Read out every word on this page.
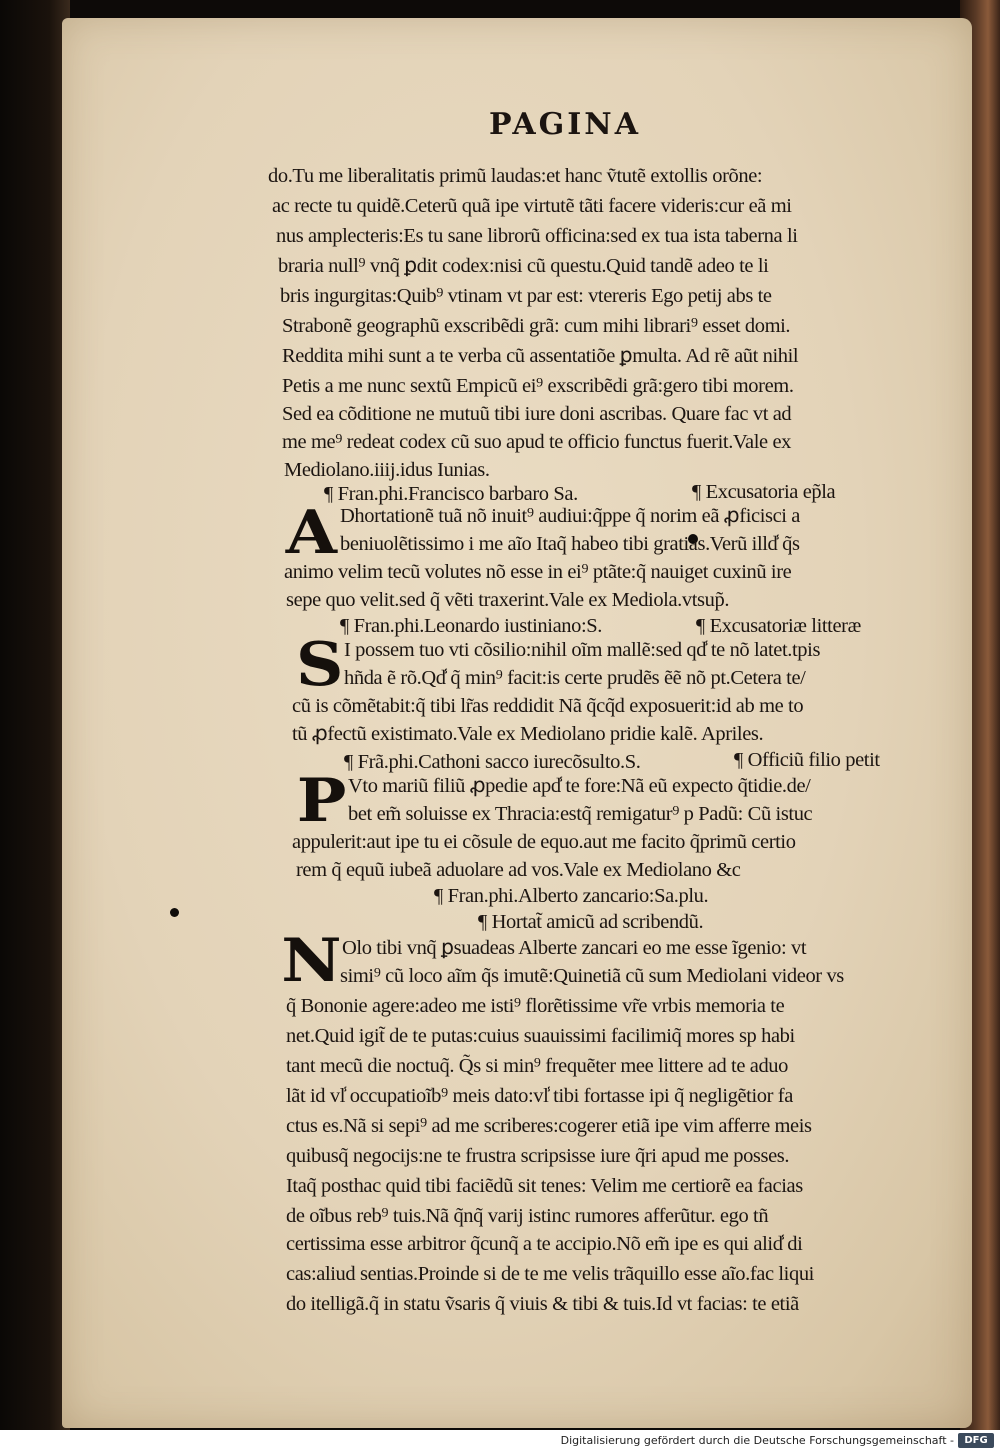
PAGINA
do.Tu me liberalitatis primũ laudas:et hanc ṽtutẽ extollis orõne:
ac recte tu quidẽ.Ceterũ quã ipe virtutẽ tãti facere videris:cur eã mi
nus amplecteris:Es tu sane librorũ officina:sed ex tua ista taberna li
braria null⁹ vnq̃ ꝑdit codex:nisi cũ questu.Quid tandẽ adeo te li
bris ingurgitas:Quib⁹ vtinam vt par est: vtereris Ego petij abs te
Strabonẽ geographũ exscribẽdi grã: cum mihi librari⁹ esset domi.
Reddita mihi sunt a te verba cũ assentatiõe ꝑmulta. Ad rẽ aũt nihil
Petis a me nunc sextũ Empicũ ei⁹ exscribẽdi grã:gero tibi morem.
Sed ea cõditione ne mutuũ tibi iure doni ascribas. Quare fac vt ad
me me⁹ redeat codex cũ suo apud te officio functus fuerit.Vale ex
Mediolano.iiij.idus Iunias.
¶ Fran.phi.Francisco barbaro Sa.	¶ Excusatoria ep̃la
A Dhortationẽ tuã nõ inuit⁹ audiui:q̃ppe q̃ norim eã ꝓficisci a
beniuolẽtissimo i me aĩo Itaq̃ habeo tibi gratias.Verũ illd̾ q̃s
animo velim tecũ volutes nõ esse in ei⁹ ptãte:q̃ nauiget cuxinũ ire
sepe quo velit.sed q̃ vẽti traxerint.Vale ex Mediola.vtsup̃.
¶ Fran.phi.Leonardo iustiniano:S.	¶ Excusatoriæ litteræ
S I possem tuo vti cõsilio:nihil oĩm mallẽ:sed qd̾ te nõ latet.tpis
hñda ẽ rõ.Qd̾ q̃ min⁹ facit:is certe prudẽs ẽẽ nõ pt.Cetera te/
cũ is cõmẽtabit:q̃ tibi lr̃as reddidit Nã q̃cq̃d exposuerit:id ab me to
tũ ꝓfectũ existimato.Vale ex Mediolano pridie kalẽ. Apriles.
¶ Frã.phi.Cathoni sacco iurecõsulto.S.	¶ Officiũ filio petit
P Vto mariũ filiũ ꝓpedie apd̾ te fore:Nã eũ expecto q̃tidie.de/
bet em̃ soluisse ex Thracia:estq̃ remigatur⁹ p Padũ: Cũ istuc
appulerit:aut ipe tu ei cõsule de equo.aut me facito q̃primũ certio
rem q̃ equũ iubeã aduolare ad vos.Vale ex Mediolano &c
¶ Fran.phi.Alberto zancario:Sa.plu.
¶ Hortat̃ amicũ ad scribendũ.
N Olo tibi vnq̃ ꝑsuadeas Alberte zancari eo me esse ĩgenio: vt
simi⁹ cũ loco aĩm q̃s imutẽ:Quinetiã cũ sum Mediolani videor vs
q̃ Bononie agere:adeo me isti⁹ florẽtissime vr̃e vrbis memoria te
net.Quid igit̃ de te putas:cuius suauissimi facilimiq̃ mores sp habi
tant mecũ die noctuq̃. Q̃s si min⁹ frequẽter mee littere ad te aduo
lãt id vl̾ occupatioĩb⁹ meis dato:vl̾ tibi fortasse ipi q̃ negligẽtior fa
ctus es.Nã si sepi⁹ ad me scriberes:cogerer etiã ipe vim afferre meis
quibusq̃ negocijs:ne te frustra scripsisse iure q̃ri apud me posses.
Itaq̃ posthac quid tibi faciẽdũ sit tenes: Velim me certiorẽ ea facias
de oĩbus reb⁹ tuis.Nã q̃nq̃ varij istinc rumores afferũtur. ego tñ
certissima esse arbitror q̃cunq̃ a te accipio.Nõ em̃ ipe es qui alid̾ di
cas:aliud sentias.Proinde si de te me velis trãquillo esse aĩo.fac liqui
do itelligã.q̃ in statu ṽsaris q̃ viuis & tibi & tuis.Id vt facias: te etiã
Digitalisierung gefördert durch die Deutsche Forschungsgemeinschaft -	DFG
